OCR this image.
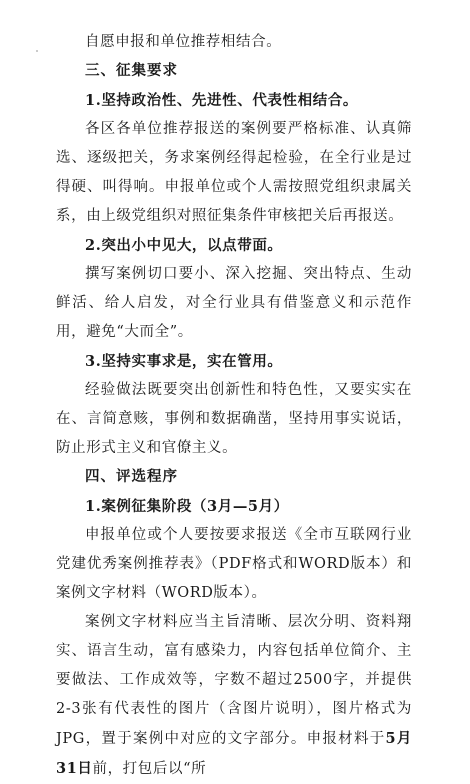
自愿申报和单位推荐相结合。

三、征集要求

1.坚持政治性、先进性、代表性相结合。

各区各单位推荐报送的案例要严格标准、认真筛选、逐级把关，务求案例经得起检验，在全行业是过得硬、叫得响。申报单位或个人需按照党组织隶属关系，由上级党组织对照征集条件审核把关后再报送。

2.突出小中见大，以点带面。

撰写案例切口要小、深入挖掘、突出特点、生动鲜活、给人启发，对全行业具有借鉴意义和示范作用，避免“大而全”。

3.坚持实事求是，实在管用。

经验做法既要突出创新性和特色性，又要实实在在、言简意赅，事例和数据确凿，坚持用事实说话，防止形式主义和官僚主义。

四、评选程序

1.案例征集阶段（3月—5月）

申报单位或个人要按要求报送《全市互联网行业党建优秀案例推荐表》（PDF格式和WORD版本）和案例文字材料（WORD版本）。

案例文字材料应当主旨清晰、层次分明、资料翔实、语言生动，富有感染力，内容包括单位简介、主要做法、工作成效等，字数不超过2500字，并提供2-3张有代表性的图片（含图片说明），图片格式为JPG，置于案例中对应的文字部分。申报材料于5月31日前，打包后以“所
